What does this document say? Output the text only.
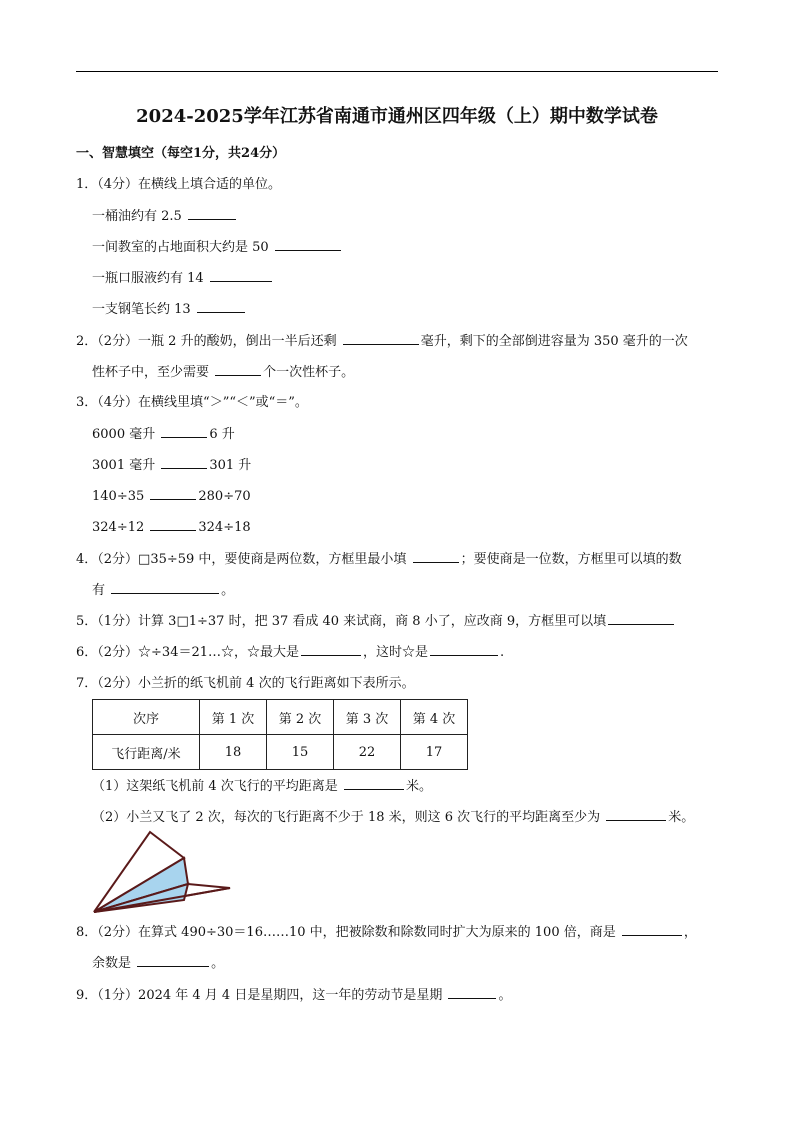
2024-2025学年江苏省南通市通州区四年级（上）期中数学试卷
一、智慧填空（每空1分，共24分）
1．（4分）在横线上填合适的单位。
一桶油约有 2.5
一间教室的占地面积大约是 50
一瓶口服液约有 14
一支钢笔长约 13
2．（2分）一瓶 2 升的酸奶，倒出一半后还剩	毫升，剩下的全部倒进容量为 350 毫升的一次
性杯子中，至少需要	个一次性杯子。
3．（4分）在横线里填“＞”“＜”或“＝”。
6000 毫升	6 升
3001 毫升	301 升
140÷35	280÷70
324÷12	324÷18
4．（2分）□35÷59 中，要使商是两位数，方框里最小填	；要使商是一位数，方框里可以填的数
有	。
5．（1分）计算 3□1÷37 时，把 37 看成 40 来试商，商 8 小了，应改商 9，方框里可以填
6．（2分）☆÷34＝21…☆，☆最大是	，这时☆是	.
7．（2分）小兰折的纸飞机前 4 次的飞行距离如下表所示。
次序	第 1 次	第 2 次	第 3 次	第 4 次
飞行距离/米	18	15	22	17
（1）这架纸飞机前 4 次飞行的平均距离是	米。
（2）小兰又飞了 2 次，每次的飞行距离不少于 18 米，则这 6 次飞行的平均距离至少为	米。
8．（2分）在算式 490÷30＝16……10 中，把被除数和除数同时扩大为原来的 100 倍，商是	，
余数是	。
9．（1分）2024 年 4 月 4 日是星期四，这一年的劳动节是星期	。
